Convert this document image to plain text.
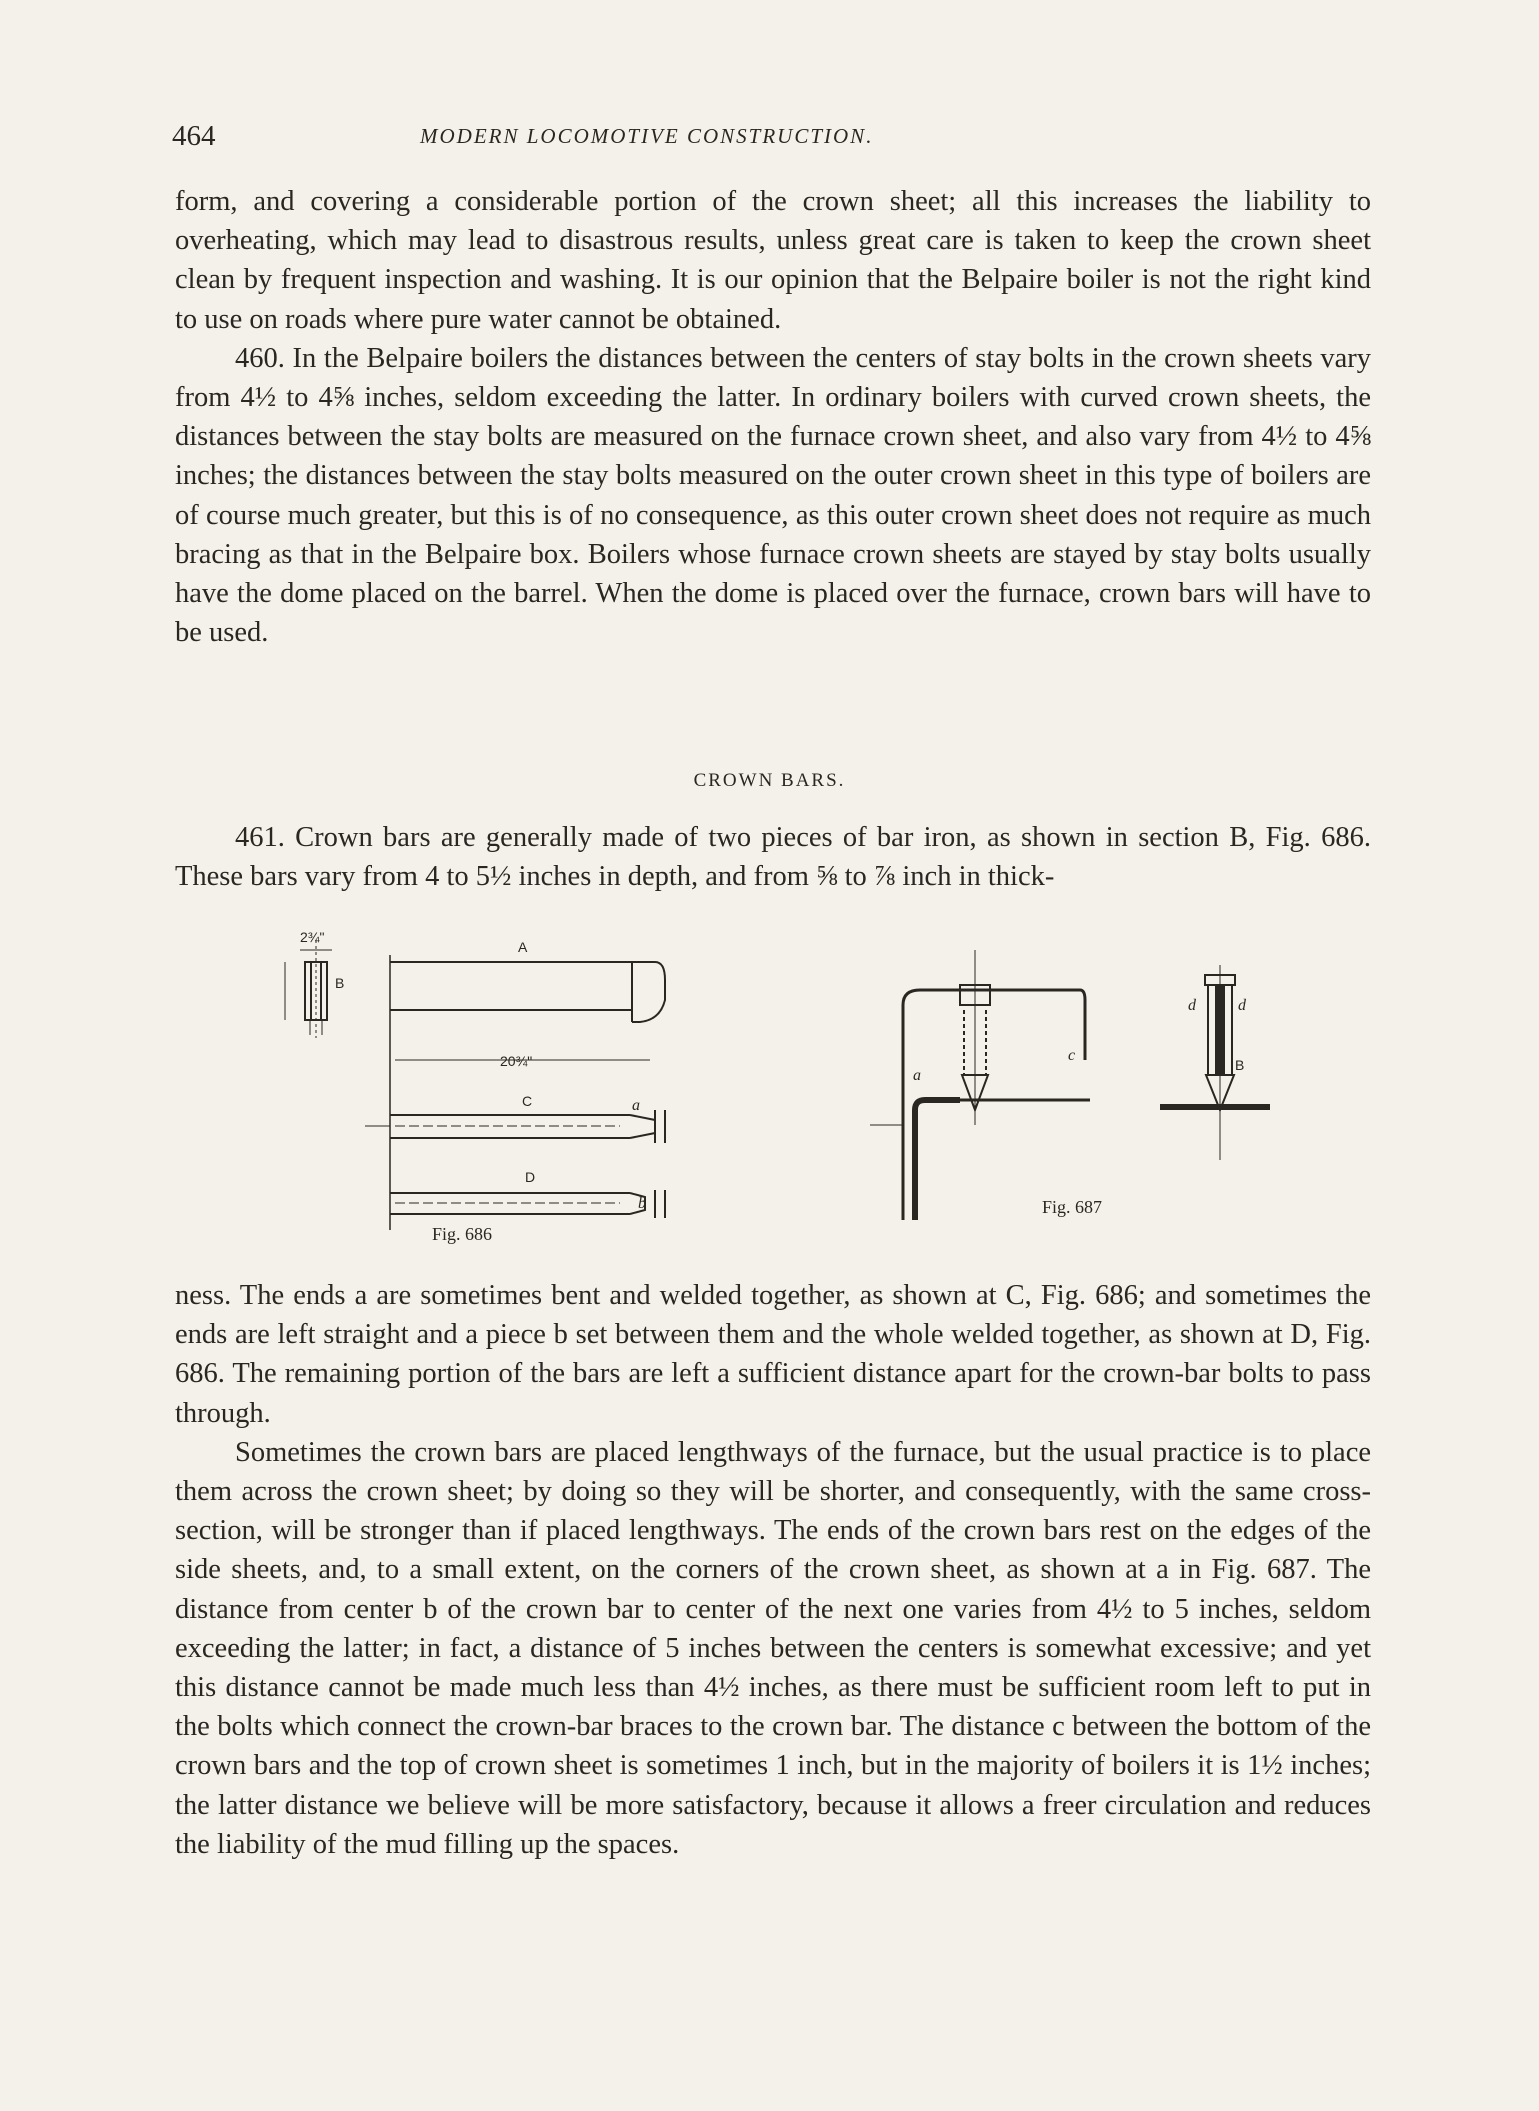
464	MODERN LOCOMOTIVE CONSTRUCTION.

form, and covering a considerable portion of the crown sheet; all this increases the liability to overheating, which may lead to disastrous results, unless great care is taken to keep the crown sheet clean by frequent inspection and washing. It is our opinion that the Belpaire boiler is not the right kind to use on roads where pure water cannot be obtained.

460. In the Belpaire boilers the distances between the centers of stay bolts in the crown sheets vary from 4½ to 4⅝ inches, seldom exceeding the latter. In ordinary boilers with curved crown sheets, the distances between the stay bolts are measured on the furnace crown sheet, and also vary from 4½ to 4⅝ inches; the distances between the stay bolts measured on the outer crown sheet in this type of boilers are of course much greater, but this is of no consequence, as this outer crown sheet does not require as much bracing as that in the Belpaire box. Boilers whose furnace crown sheets are stayed by stay bolts usually have the dome placed on the barrel. When the dome is placed over the furnace, crown bars will have to be used.

CROWN BARS.

461. Crown bars are generally made of two pieces of bar iron, as shown in section B, Fig. 686. These bars vary from 4 to 5½ inches in depth, and from ⅝ to ⅞ inch in thick-

B
2¾"
A
20¾"
C	a
D
b
Fig. 686
a
c
d	d
B
Fig. 687

ness. The ends a are sometimes bent and welded together, as shown at C, Fig. 686; and sometimes the ends are left straight and a piece b set between them and the whole welded together, as shown at D, Fig. 686. The remaining portion of the bars are left a sufficient distance apart for the crown-bar bolts to pass through.

Sometimes the crown bars are placed lengthways of the furnace, but the usual practice is to place them across the crown sheet; by doing so they will be shorter, and consequently, with the same cross-section, will be stronger than if placed lengthways. The ends of the crown bars rest on the edges of the side sheets, and, to a small extent, on the corners of the crown sheet, as shown at a in Fig. 687. The distance from center b of the crown bar to center of the next one varies from 4½ to 5 inches, seldom exceeding the latter; in fact, a distance of 5 inches between the centers is somewhat excessive; and yet this distance cannot be made much less than 4½ inches, as there must be sufficient room left to put in the bolts which connect the crown-bar braces to the crown bar. The distance c between the bottom of the crown bars and the top of crown sheet is sometimes 1 inch, but in the majority of boilers it is 1½ inches; the latter distance we believe will be more satisfactory, because it allows a freer circulation and reduces the liability of the mud filling up the spaces.
